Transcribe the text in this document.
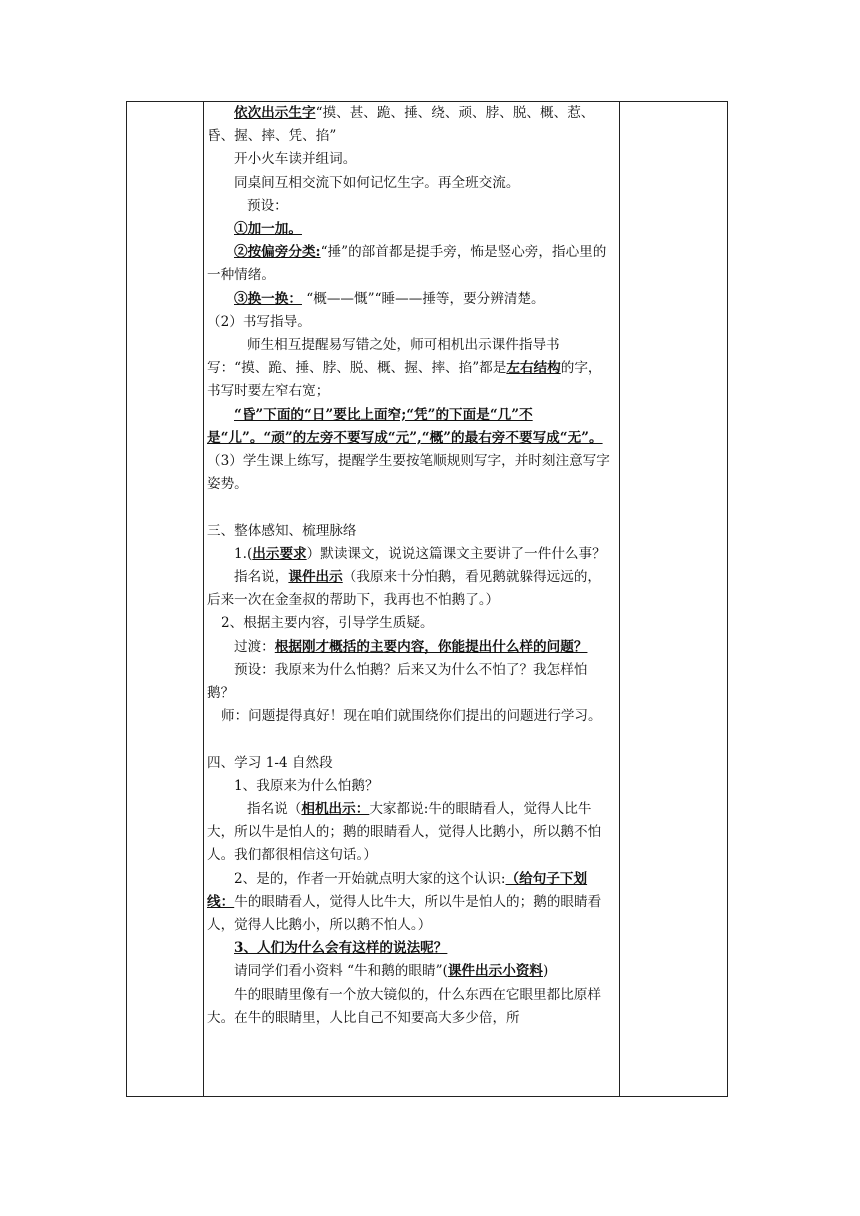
依次出示生字“摸、甚、跪、捶、绕、顽、脖、脱、概、惹、昏、握、摔、凭、掐”

开小火车读并组词。

同桌间互相交流下如何记忆生字。再全班交流。

预设：

①加一加。

②按偏旁分类:“捶”的部首都是提手旁，怖是竖心旁，指心里的一种情绪。

③换一换： “概——慨”“睡——捶等，要分辨清楚。

（2）书写指导。

师生相互提醒易写错之处，师可相机出示课件指导书写：“摸、跪、捶、脖、脱、概、握、摔、掐”都是左右结构的字，书写时要左窄右宽；

“昏”下面的“日”要比上面窄;“凭”的下面是“几”不是“儿”。“顽”的左旁不要写成“元”,“概”的最右旁不要写成“无”。

（3）学生课上练写，提醒学生要按笔顺规则写字，并时刻注意写字姿势。

三、整体感知、梳理脉络

1.(出示要求）默读课文，说说这篇课文主要讲了一件什么事？

指名说，课件出示（我原来十分怕鹅，看见鹅就躲得远远的，后来一次在金奎叔的帮助下，我再也不怕鹅了。）

2、根据主要内容，引导学生质疑。

过渡：根据刚才概括的主要内容，你能提出什么样的问题？

预设：我原来为什么怕鹅？后来又为什么不怕了？我怎样怕鹅？

师：问题提得真好！现在咱们就围绕你们提出的问题进行学习。

四、学习 1-4 自然段

1、我原来为什么怕鹅？

指名说（相机出示：大家都说:牛的眼睛看人，觉得人比牛大，所以牛是怕人的；鹅的眼睛看人，觉得人比鹅小，所以鹅不怕人。我们都很相信这句话。）

2、是的，作者一开始就点明大家的这个认识:（给句子下划线：牛的眼睛看人，觉得人比牛大，所以牛是怕人的；鹅的眼睛看人，觉得人比鹅小，所以鹅不怕人。）

3、人们为什么会有这样的说法呢？

请同学们看小资料 “牛和鹅的眼睛”(课件出示小资料)

牛的眼睛里像有一个放大镜似的，什么东西在它眼里都比原样大。在牛的眼睛里，人比自己不知要高大多少倍，所
